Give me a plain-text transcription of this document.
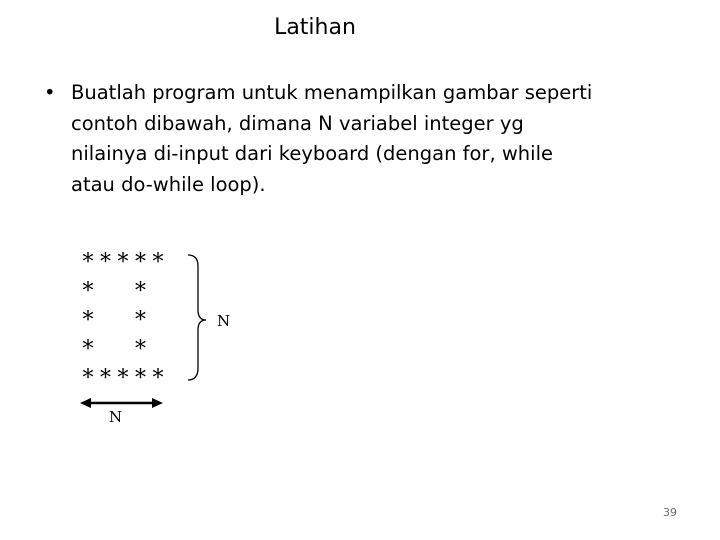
Latihan
• Buatlah program untuk menampilkan gambar seperti
contoh dibawah, dimana N variabel integer yg
nilainya di-input dari keyboard (dengan for, while
atau do-while loop).
* * * * *
* *
* *
* *
* * * * *
N
N
39
